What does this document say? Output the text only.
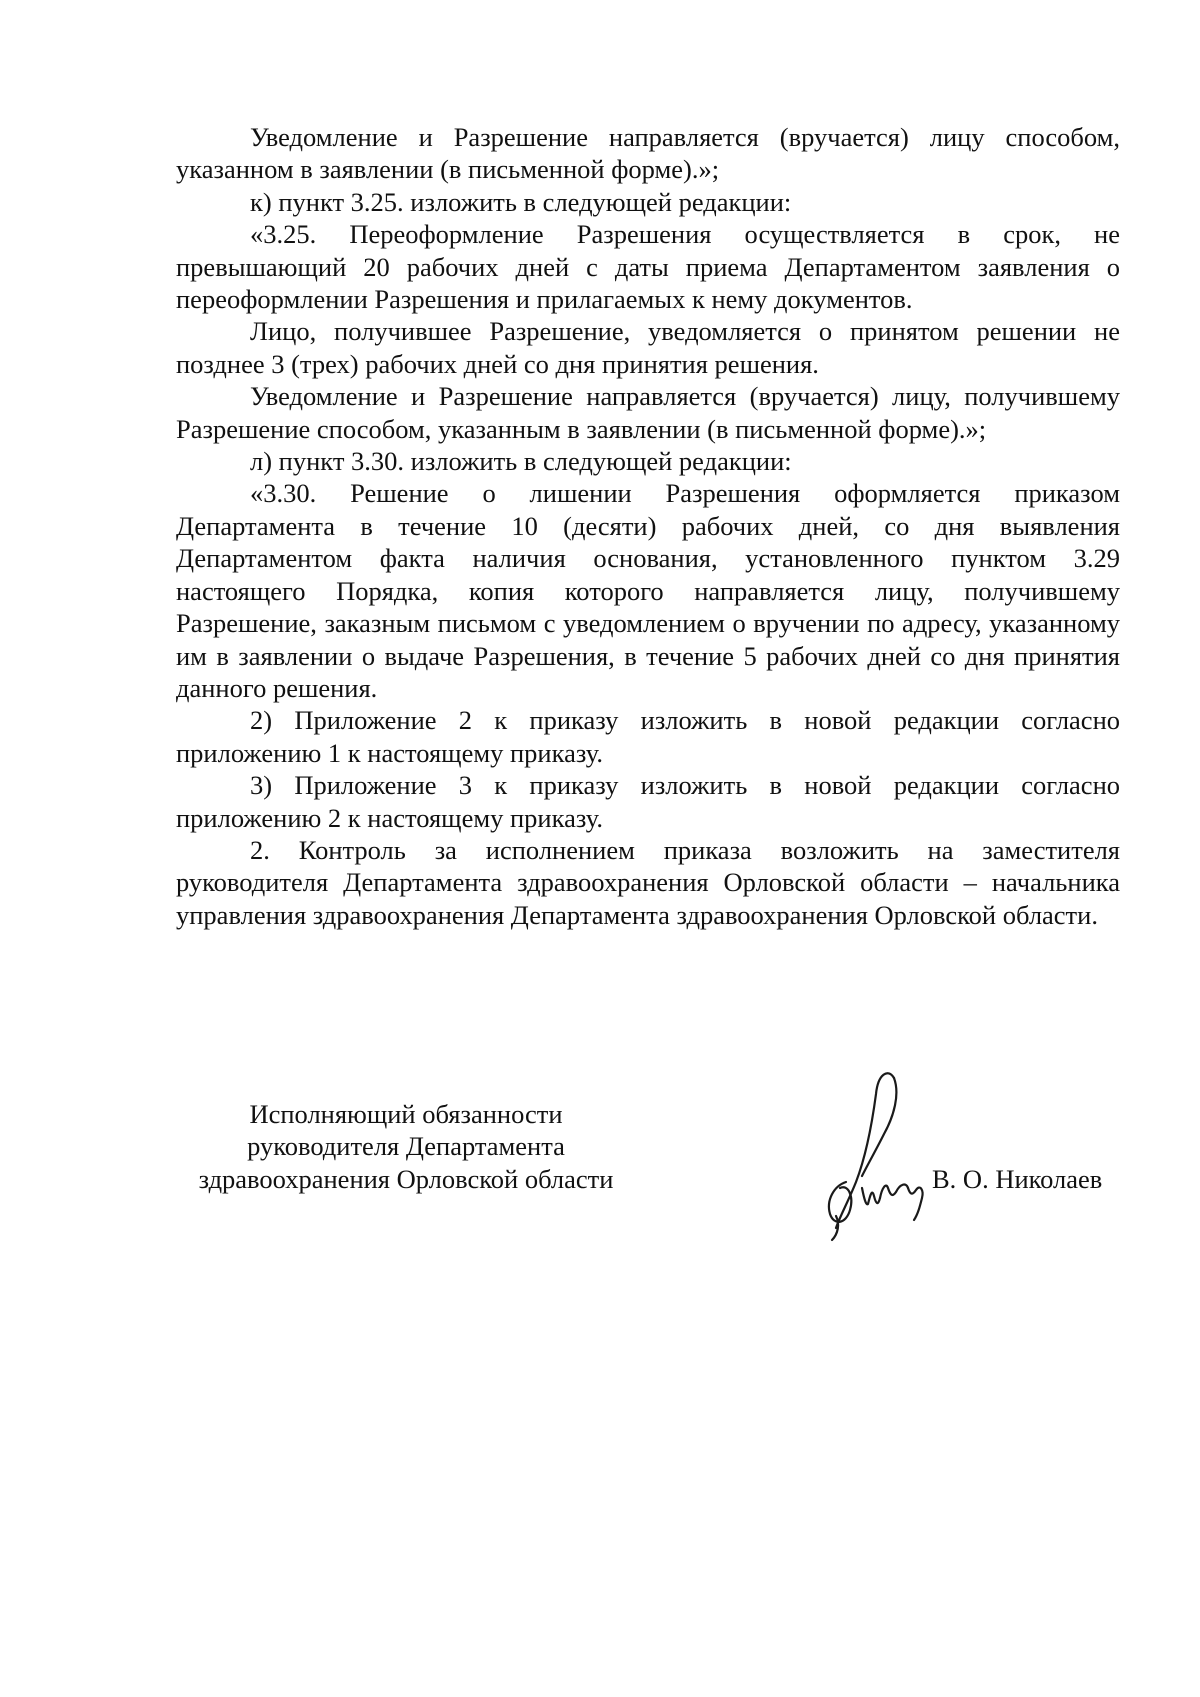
Уведомление и Разрешение направляется (вручается) лицу способом, указанном в заявлении (в письменной форме).»;

к) пункт 3.25. изложить в следующей редакции:

«3.25. Переоформление Разрешения осуществляется в срок, не превышающий 20 рабочих дней с даты приема Департаментом заявления о переоформлении Разрешения и прилагаемых к нему документов.

Лицо, получившее Разрешение, уведомляется о принятом решении не позднее 3 (трех) рабочих дней со дня принятия решения.

Уведомление и Разрешение направляется (вручается) лицу, получившему Разрешение способом, указанным в заявлении (в письменной форме).»;

л) пункт 3.30. изложить в следующей редакции:

«3.30. Решение о лишении Разрешения оформляется приказом Департамента в течение 10 (десяти) рабочих дней, со дня выявления Департаментом факта наличия основания, установленного пунктом 3.29 настоящего Порядка, копия которого направляется лицу, получившему Разрешение, заказным письмом с уведомлением о вручении по адресу, указанному им в заявлении о выдаче Разрешения, в течение 5 рабочих дней со дня принятия данного решения.

2) Приложение 2 к приказу изложить в новой редакции согласно приложению 1 к настоящему приказу.

3) Приложение 3 к приказу изложить в новой редакции согласно приложению 2 к настоящему приказу.

2. Контроль за исполнением приказа возложить на заместителя руководителя Департамента здравоохранения Орловской области – начальника управления здравоохранения Департамента здравоохранения Орловской области.

Исполняющий обязанности
руководителя Департамента
здравоохранения Орловской области	В. О. Николаев
